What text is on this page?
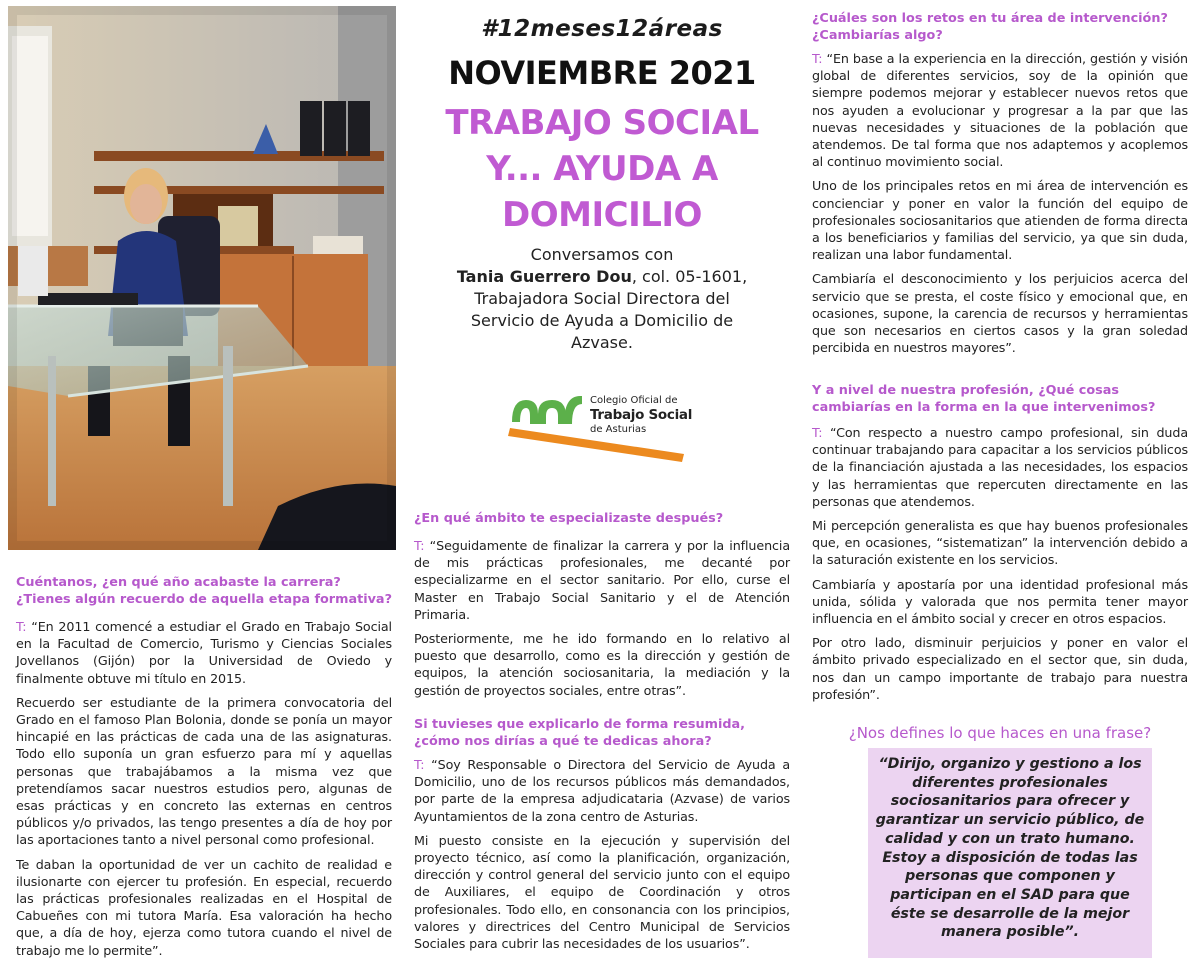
#12meses12áreas
NOVIEMBRE 2021
TRABAJO SOCIAL
Y... AYUDA A
DOMICILIO
Conversamos con
Tania Guerrero Dou, col. 05-1601,
Trabajadora Social Directora del
Servicio de Ayuda a Domicilio de
Azvase.
Colegio Oficial de
Trabajo Social
de Asturias
Cuéntanos, ¿en qué año acabaste la carrera? ¿Tienes algún recuerdo de aquella etapa formativa?
T: “En 2011 comencé a estudiar el Grado en Trabajo Social en la Facultad de Comercio, Turismo y Ciencias Sociales Jovellanos (Gijón) por la Universidad de Oviedo y finalmente obtuve mi título en 2015.
Recuerdo ser estudiante de la primera convocatoria del Grado en el famoso Plan Bolonia, donde se ponía un mayor hincapié en las prácticas de cada una de las asignaturas. Todo ello suponía un gran esfuerzo para mí y aquellas personas que trabajábamos a la misma vez que pretendíamos sacar nuestros estudios pero, algunas de esas prácticas y en concreto las externas en centros públicos y/o privados, las tengo presentes a día de hoy por las aportaciones tanto a nivel personal como profesional.
Te daban la oportunidad de ver un cachito de realidad e ilusionarte con ejercer tu profesión. En especial, recuerdo las prácticas profesionales realizadas en el Hospital de Cabueñes con mi tutora María. Esa valoración ha hecho que, a día de hoy, ejerza como tutora cuando el nivel de trabajo me lo permite”.
¿En qué ámbito te especializaste después?
T: “Seguidamente de finalizar la carrera y por la influencia de mis prácticas profesionales, me decanté por especializarme en el sector sanitario. Por ello, curse el Master en Trabajo Social Sanitario y el de Atención Primaria.
Posteriormente, me he ido formando en lo relativo al puesto que desarrollo, como es la dirección y gestión de equipos, la atención sociosanitaria, la mediación y la gestión de proyectos sociales, entre otras”.
Si tuvieses que explicarlo de forma resumida, ¿cómo nos dirías a qué te dedicas ahora?
T: “Soy Responsable o Directora del Servicio de Ayuda a Domicilio, uno de los recursos públicos más demandados, por parte de la empresa adjudicataria (Azvase) de varios Ayuntamientos de la zona centro de Asturias.
Mi puesto consiste en la ejecución y supervisión del proyecto técnico, así como la planificación, organización, dirección y control general del servicio junto con el equipo de Auxiliares, el equipo de Coordinación y otros profesionales. Todo ello, en consonancia con los principios, valores y directrices del Centro Municipal de Servicios Sociales para cubrir las necesidades de los usuarios”.
¿Cuáles son los retos en tu área de intervención? ¿Cambiarías algo?
T: “En base a la experiencia en la dirección, gestión y visión global de diferentes servicios, soy de la opinión que siempre podemos mejorar y establecer nuevos retos que nos ayuden a evolucionar y progresar a la par que las nuevas necesidades y situaciones de la población que atendemos. De tal forma que nos adaptemos y acoplemos al continuo movimiento social.
Uno de los principales retos en mi área de intervención es concienciar y poner en valor la función del equipo de profesionales sociosanitarios que atienden de forma directa a los beneficiarios y familias del servicio, ya que sin duda, realizan una labor fundamental.
Cambiaría el desconocimiento y los perjuicios acerca del servicio que se presta, el coste físico y emocional que, en ocasiones, supone, la carencia de recursos y herramientas que son necesarios en ciertos casos y la gran soledad percibida en nuestros mayores”.
Y a nivel de nuestra profesión, ¿Qué cosas cambiarías en la forma en la que intervenimos?
T: “Con respecto a nuestro campo profesional, sin duda continuar trabajando para capacitar a los servicios públicos de la financiación ajustada a las necesidades, los espacios y las herramientas que repercuten directamente en las personas que atendemos.
Mi percepción generalista es que hay buenos profesionales que, en ocasiones, “sistematizan” la intervención debido a la saturación existente en los servicios.
Cambiaría y apostaría por una identidad profesional más unida, sólida y valorada que nos permita tener mayor influencia en el ámbito social y crecer en otros espacios.
Por otro lado, disminuir perjuicios y poner en valor el ámbito privado especializado en el sector que, sin duda, nos dan un campo importante de trabajo para nuestra profesión”.
¿Nos defines lo que haces en una frase?
“Dirijo, organizo y gestiono a los diferentes profesionales sociosanitarios para ofrecer y garantizar un servicio público, de calidad y con un trato humano. Estoy a disposición de todas las personas que componen y participan en el SAD para que éste se desarrolle de la mejor manera posible”.
